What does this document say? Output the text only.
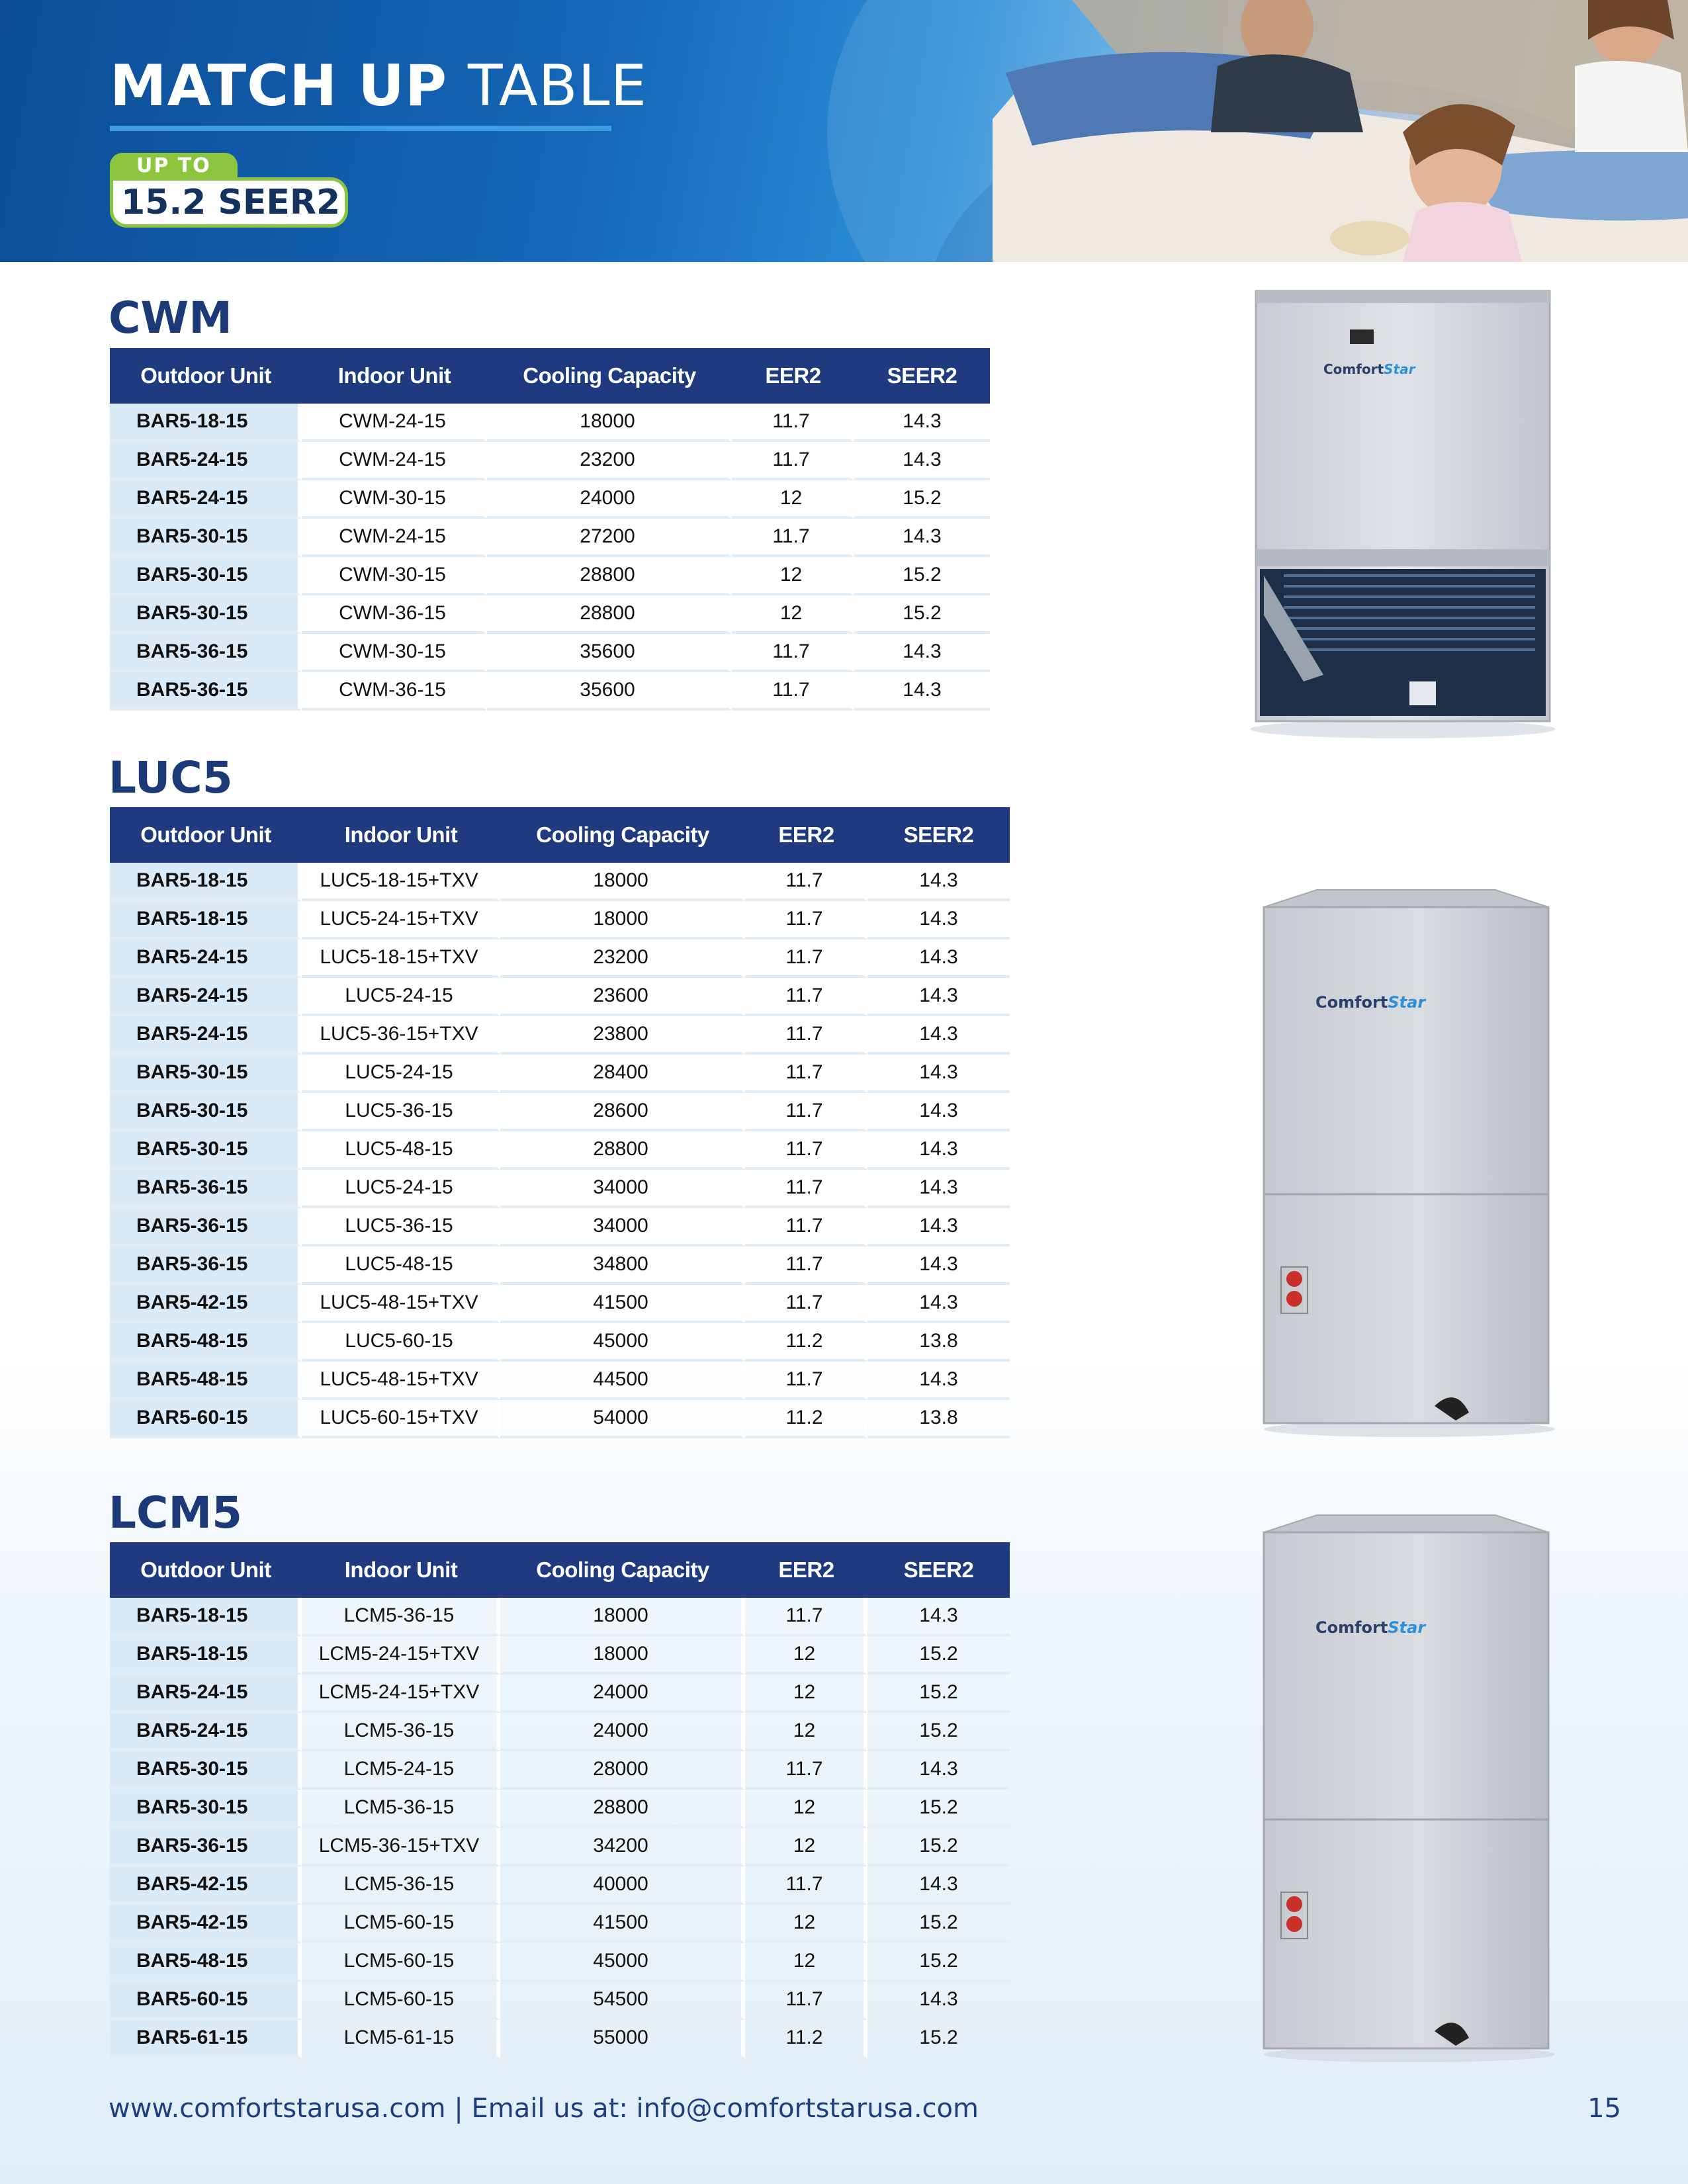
MATCH UP TABLE
UP TO
15.2 SEER2
CWM
Outdoor Unit	Indoor Unit	Cooling Capacity	EER2	SEER2
BAR5-18-15	CWM-24-15	18000	11.7	14.3
BAR5-24-15	CWM-24-15	23200	11.7	14.3
BAR5-24-15	CWM-30-15	24000	12	15.2
BAR5-30-15	CWM-24-15	27200	11.7	14.3
BAR5-30-15	CWM-30-15	28800	12	15.2
BAR5-30-15	CWM-36-15	28800	12	15.2
BAR5-36-15	CWM-30-15	35600	11.7	14.3
BAR5-36-15	CWM-36-15	35600	11.7	14.3
LUC5
Outdoor Unit	Indoor Unit	Cooling Capacity	EER2	SEER2
BAR5-18-15	LUC5-18-15+TXV	18000	11.7	14.3
BAR5-18-15	LUC5-24-15+TXV	18000	11.7	14.3
BAR5-24-15	LUC5-18-15+TXV	23200	11.7	14.3
BAR5-24-15	LUC5-24-15	23600	11.7	14.3
BAR5-24-15	LUC5-36-15+TXV	23800	11.7	14.3
BAR5-30-15	LUC5-24-15	28400	11.7	14.3
BAR5-30-15	LUC5-36-15	28600	11.7	14.3
BAR5-30-15	LUC5-48-15	28800	11.7	14.3
BAR5-36-15	LUC5-24-15	34000	11.7	14.3
BAR5-36-15	LUC5-36-15	34000	11.7	14.3
BAR5-36-15	LUC5-48-15	34800	11.7	14.3
BAR5-42-15	LUC5-48-15+TXV	41500	11.7	14.3
BAR5-48-15	LUC5-60-15	45000	11.2	13.8
BAR5-48-15	LUC5-48-15+TXV	44500	11.7	14.3
BAR5-60-15	LUC5-60-15+TXV	54000	11.2	13.8
LCM5
Outdoor Unit	Indoor Unit	Cooling Capacity	EER2	SEER2
BAR5-18-15	LCM5-36-15	18000	11.7	14.3
BAR5-18-15	LCM5-24-15+TXV	18000	12	15.2
BAR5-24-15	LCM5-24-15+TXV	24000	12	15.2
BAR5-24-15	LCM5-36-15	24000	12	15.2
BAR5-30-15	LCM5-24-15	28000	11.7	14.3
BAR5-30-15	LCM5-36-15	28800	12	15.2
BAR5-36-15	LCM5-36-15+TXV	34200	12	15.2
BAR5-42-15	LCM5-36-15	40000	11.7	14.3
BAR5-42-15	LCM5-60-15	41500	12	15.2
BAR5-48-15	LCM5-60-15	45000	12	15.2
BAR5-60-15	LCM5-60-15	54500	11.7	14.3
BAR5-61-15	LCM5-61-15	55000	11.2	15.2
ComfortStar
ComfortStar
ComfortStar
www.comfortstarusa.com | Email us at: info@comfortstarusa.com	15
